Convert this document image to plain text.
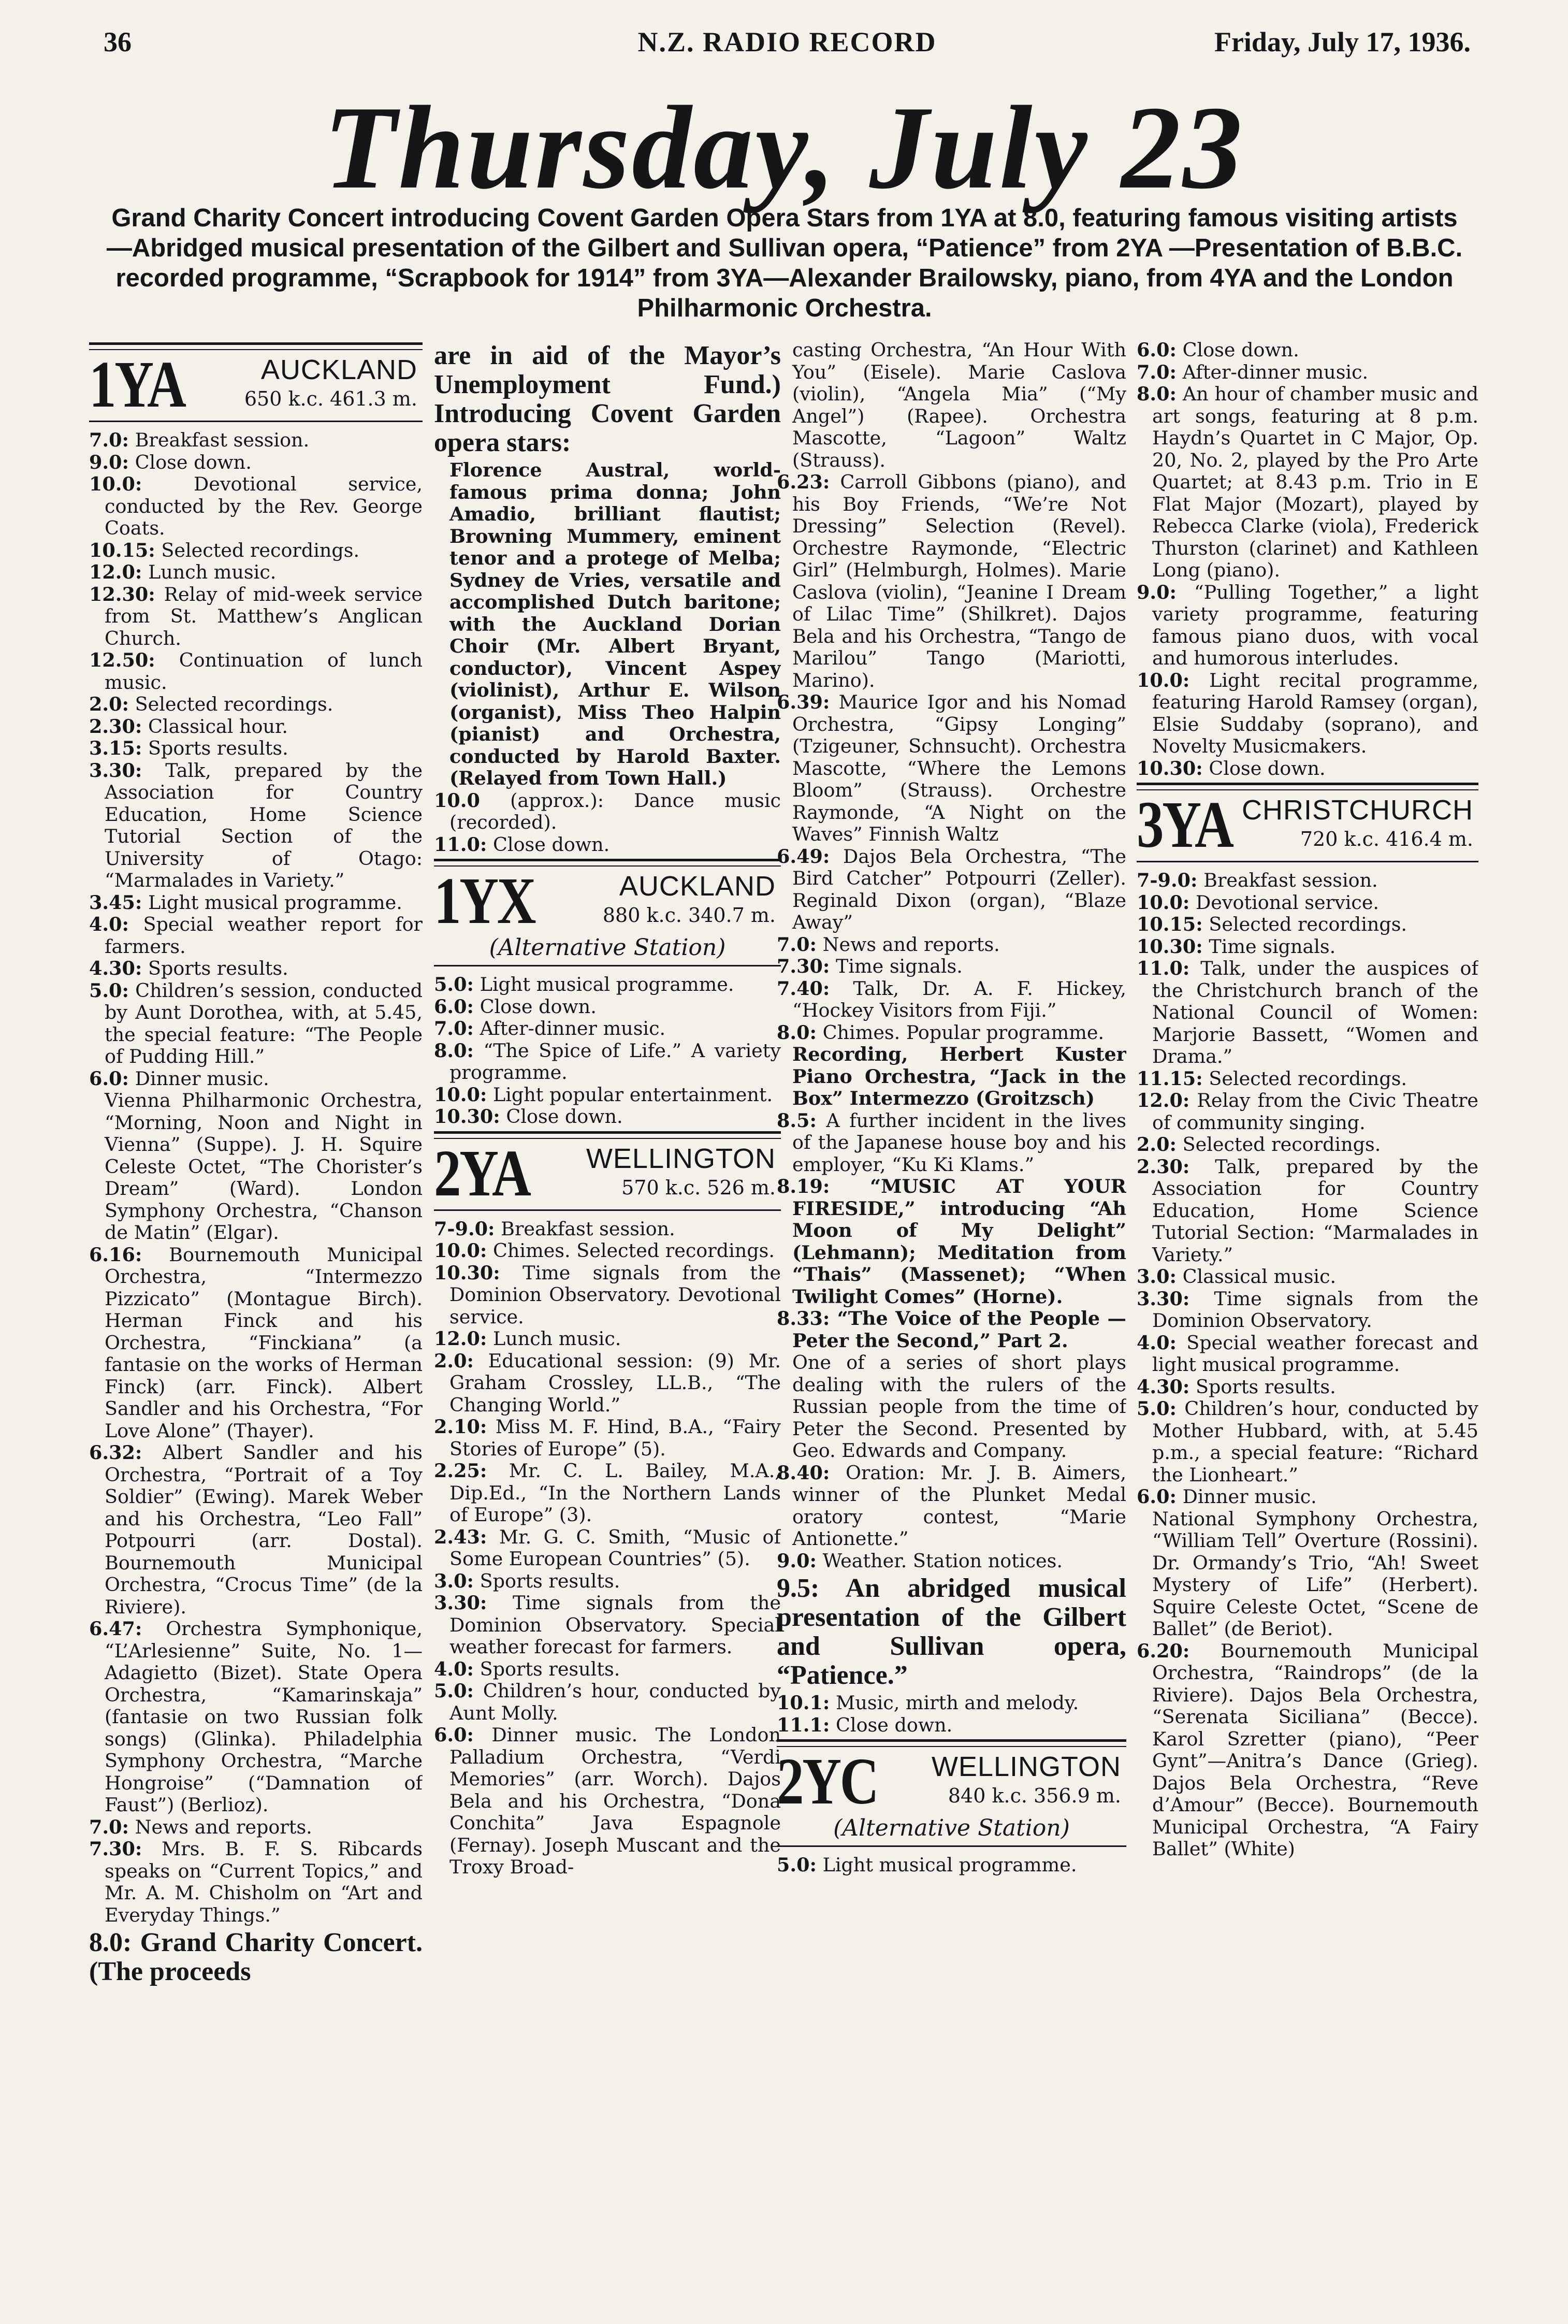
36	N.Z. RADIO RECORD	Friday, July 17, 1936.
Thursday, July 23
Grand Charity Concert introducing Covent Garden Opera Stars from 1YA at 8.0, featuring famous visiting artists—Abridged musical presentation of the Gilbert and Sullivan opera, “Patience” from 2YA —Presentation of B.B.C. recorded programme, “Scrapbook for 1914” from 3YA—Alexander Brailowsky, piano, from 4YA and the London Philharmonic Orchestra.
1YA	AUCKLAND
650 k.c. 461.3 m.

7.0: Breakfast session.

9.0: Close down.

10.0:	Devotional service, conducted by the Rev. George Coats.

10.15: Selected recordings.

12.0: Lunch music.

12.30: Relay of mid-week service from St. Matthew’s Anglican Church.

12.50: Continuation of lunch music.

2.0: Selected recordings.

2.30: Classical hour.

3.15: Sports results.

3.30: Talk, prepared by the Association for Country Education, Home Science Tutorial Section of the University of Otago: “Marmalades in Variety.”

3.45: Light musical programme.

4.0: Special weather report for farmers.

4.30: Sports results.

5.0: Children’s session, conducted by Aunt Dorothea, with, at 5.45, the special feature: “The People of Pudding Hill.”

6.0: Dinner music.

Vienna Philharmonic Orchestra, “Morning, Noon and Night in Vienna” (Suppe). J. H. Squire Celeste Octet, “The Chorister’s Dream” (Ward). London Symphony Orchestra, “Chanson de Matin” (Elgar).

6.16: Bournemouth Municipal Orchestra, “Intermezzo Pizzicato” (Montague Birch). Herman Finck and his Orchestra, “Finckiana” (a fantasie on the works of Herman Finck) (arr. Finck). Albert Sandler and his Orchestra, “For Love Alone” (Thayer).

6.32: Albert Sandler and his Orchestra, “Portrait of a Toy Soldier” (Ewing). Marek Weber and his Orchestra, “Leo Fall” Potpourri (arr. Dostal). Bournemouth Municipal Orchestra, “Crocus Time” (de la Riviere).

6.47: Orchestra Symphonique, “L’Arlesienne” Suite, No. 1—Adagietto (Bizet). State Opera Orchestra, “Kamarinskaja” (fantasie on two Russian folk songs) (Glinka). Philadelphia Symphony Orchestra, “Marche Hongroise” (“Damnation of Faust”) (Berlioz).

7.0: News and reports.

7.30: Mrs. B. F. S. Ribcards speaks on “Current Topics,” and Mr. A. M. Chisholm on “Art and Everyday Things.”

8.0: Grand Charity Concert. (The proceeds

are in aid of the Mayor’s Unemployment Fund.) Introducing Covent Garden opera stars:

Florence Austral, world-famous prima donna; John Amadio, brilliant flautist; Browning Mummery, eminent tenor and a protege of Melba; Sydney de Vries, versatile and accomplished Dutch baritone; with the Auckland Dorian Choir (Mr. Albert Bryant, conductor), Vincent Aspey (violinist), Arthur E. Wilson (organist), Miss Theo Halpin (pianist) and Orchestra, conducted by Harold Baxter. (Relayed from Town Hall.)

10.0 (approx.): Dance music (recorded).

11.0: Close down.

1YX	AUCKLAND
880 k.c. 340.7 m.
(Alternative Station)

5.0: Light musical programme.

6.0: Close down.

7.0: After-dinner music.

8.0: “The Spice of Life.” A variety programme.

10.0: Light popular entertainment.

10.30: Close down.

2YA WELLINGTON
570 k.c. 526 m.

7-9.0: Breakfast session.

10.0: Chimes. Selected recordings.

10.30: Time signals from the Dominion Observatory. Devotional service.

12.0: Lunch music.

2.0: Educational session: (9) Mr. Graham Crossley, LL.B., “The Changing World.”

2.10: Miss M. F. Hind, B.A., “Fairy Stories of Europe” (5).

2.25: Mr. C. L. Bailey, M.A., Dip.Ed., “In the Northern Lands of Europe” (3).

2.43: Mr. G. C. Smith, “Music of Some European Countries” (5).

3.0: Sports results.

3.30: Time signals from the Dominion Observatory. Special weather forecast for farmers.

4.0: Sports results.

5.0: Children’s hour, conducted by Aunt Molly.

6.0: Dinner music. The London Palladium Orchestra, “Verdi Memories” (arr. Worch). Dajos Bela and his Orchestra, “Dona Conchita” Java Espagnole (Fernay). Joseph Muscant and the Troxy Broad-

casting Orchestra, “An Hour With You” (Eisele). Marie Caslova (violin), “Angela Mia” (“My Angel”) (Rapee). Orchestra Mascotte, “Lagoon” Waltz (Strauss).

6.23: Carroll Gibbons (piano), and his Boy Friends, “We’re Not Dressing” Selection (Revel). Orchestre Raymonde, “Electric Girl” (Helmburgh, Holmes). Marie Caslova (violin), “Jeanine I Dream of Lilac Time” (Shilkret). Dajos Bela and his Orchestra, “Tango de Marilou” Tango (Mariotti, Marino).

6.39: Maurice Igor and his Nomad Orchestra, “Gipsy Longing” (Tzigeuner, Schnsucht). Orchestra Mascotte, “Where the Lemons Bloom” (Strauss). Orchestre Raymonde, “A Night on the Waves” Finnish Waltz

6.49: Dajos Bela Orchestra, “The Bird Catcher” Potpourri (Zeller). Reginald Dixon (organ), “Blaze Away”

7.0: News and reports.

7.30: Time signals.

7.40: Talk, Dr. A. F. Hickey, “Hockey Visitors from Fiji.”

8.0: Chimes. Popular programme.

Recording, Herbert Kuster Piano Orchestra, “Jack in the Box” Intermezzo (Groitzsch)

8.5: A further incident in the lives of the Japanese house boy and his employer, “Ku Ki Klams.”

8.19: “MUSIC AT YOUR FIRESIDE,” introducing “Ah Moon of My Delight” (Lehmann); Meditation from “Thais” (Massenet); “When Twilight Comes” (Horne).

8.33: “The Voice of the People —Peter the Second,” Part 2.

One of a series of short plays dealing with the rulers of the Russian people from the time of Peter the Second. Presented by Geo. Edwards and Company.

8.40: Oration: Mr. J. B. Aimers, winner of the Plunket Medal oratory contest, “Marie Antionette.”

9.0: Weather. Station notices.

9.5: An abridged musical presentation of the Gilbert and Sullivan opera, “Patience.”

10.1: Music, mirth and melody.

11.1: Close down.

2YC WELLINGTON
840 k.c. 356.9 m.
(Alternative Station)

5.0: Light musical programme.

6.0: Close down.

7.0: After-dinner music.

8.0: An hour of chamber music and art songs, featuring at 8 p.m. Haydn’s Quartet in C Major, Op. 20, No. 2, played by the Pro Arte Quartet; at 8.43 p.m. Trio in E Flat Major (Mozart), played by Rebecca Clarke (viola), Frederick Thurston (clarinet) and Kathleen Long (piano).

9.0: “Pulling Together,” a light variety programme, featuring famous piano duos, with vocal and humorous interludes.

10.0: Light recital programme, featuring Harold Ramsey (organ), Elsie Suddaby (soprano), and Novelty Musicmakers.

10.30: Close down.

3YA CHRISTCHURCH
720 k.c. 416.4 m.

7-9.0: Breakfast session.

10.0: Devotional service.

10.15: Selected recordings.

10.30: Time signals.

11.0: Talk, under the auspices of the Christchurch branch of the National Council of Women: Marjorie Bassett, “Women and Drama.”

11.15: Selected recordings.

12.0: Relay from the Civic Theatre of community singing.

2.0: Selected recordings.

2.30: Talk, prepared by the Association for Country Education, Home Science Tutorial Section: “Marmalades in Variety.”

3.0: Classical music.

3.30: Time signals from the Dominion Observatory.

4.0: Special weather forecast and light musical programme.

4.30: Sports results.

5.0: Children’s hour, conducted by Mother Hubbard, with, at 5.45 p.m., a special feature: “Richard the Lionheart.”

6.0: Dinner music.

National Symphony Orchestra, “William Tell” Overture (Rossini). Dr. Ormandy’s Trio, “Ah! Sweet Mystery of Life” (Herbert). Squire Celeste Octet, “Scene de Ballet” (de Beriot).

6.20: Bournemouth Municipal Orchestra, “Raindrops” (de la Riviere). Dajos Bela Orchestra, “Serenata Siciliana” (Becce). Karol Szretter (piano), “Peer Gynt”—Anitra’s Dance (Grieg). Dajos Bela Orchestra, “Reve d’Amour” (Becce). Bournemouth Municipal Orchestra, “A Fairy Ballet” (White)
